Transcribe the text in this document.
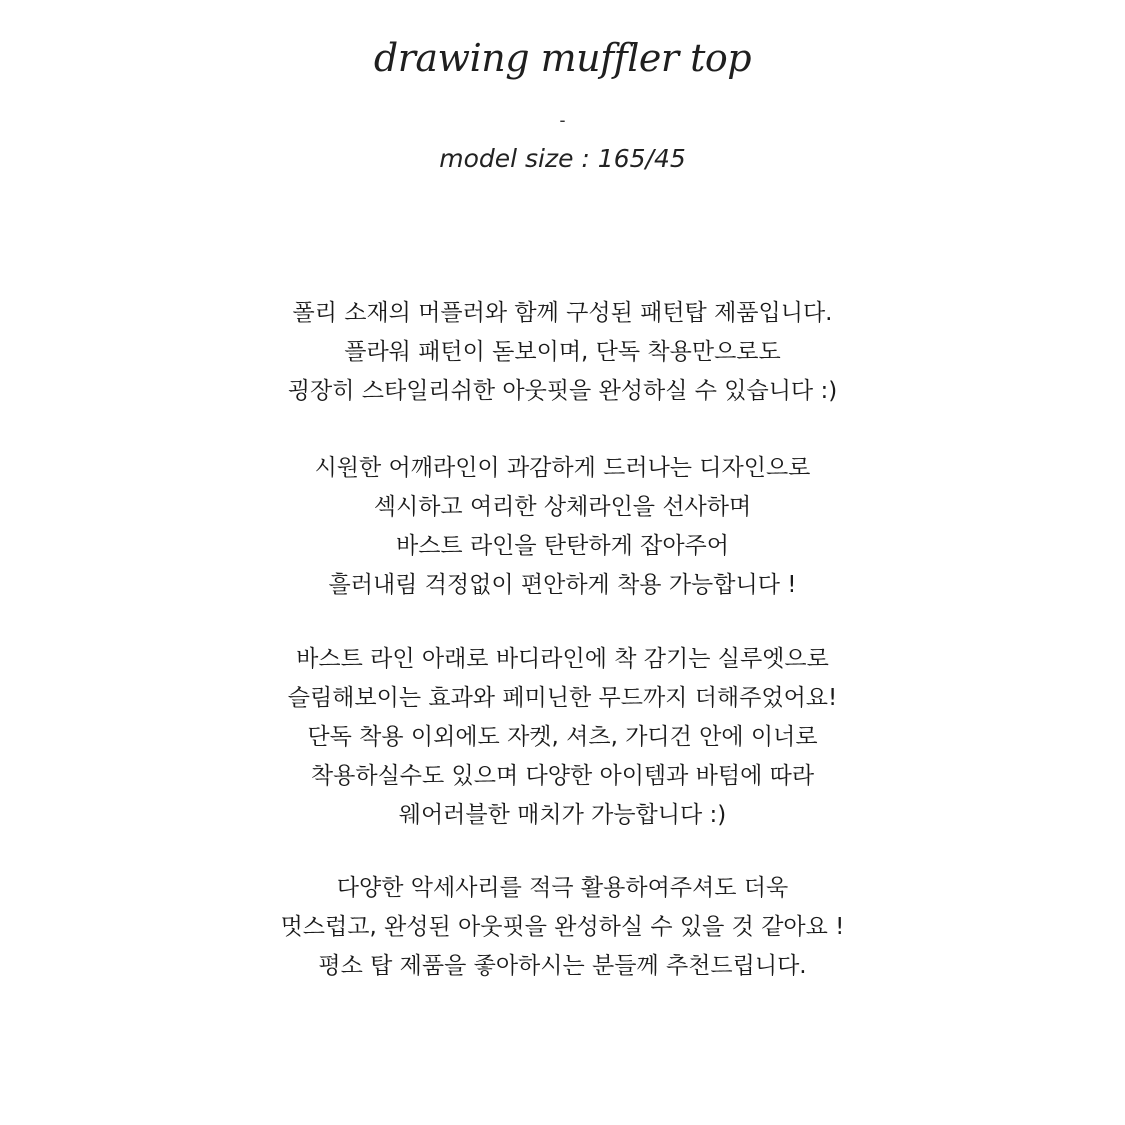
drawing muffler top
-
model size : 165/45
폴리 소재의 머플러와 함께 구성된 패턴탑 제품입니다.
플라워 패턴이 돋보이며, 단독 착용만으로도
굉장히 스타일리쉬한 아웃핏을 완성하실 수 있습니다 :)
시원한 어깨라인이 과감하게 드러나는 디자인으로
섹시하고 여리한 상체라인을 선사하며
바스트 라인을 탄탄하게 잡아주어
흘러내림 걱정없이 편안하게 착용 가능합니다 !
바스트 라인 아래로 바디라인에 착 감기는 실루엣으로
슬림해보이는 효과와 페미닌한 무드까지 더해주었어요!
단독 착용 이외에도 자켓, 셔츠, 가디건 안에 이너로
착용하실수도 있으며 다양한 아이템과 바텀에 따라
웨어러블한 매치가 가능합니다 :)
다양한 악세사리를 적극 활용하여주셔도 더욱
멋스럽고, 완성된 아웃핏을 완성하실 수 있을 것 같아요 !
평소 탑 제품을 좋아하시는 분들께 추천드립니다.
